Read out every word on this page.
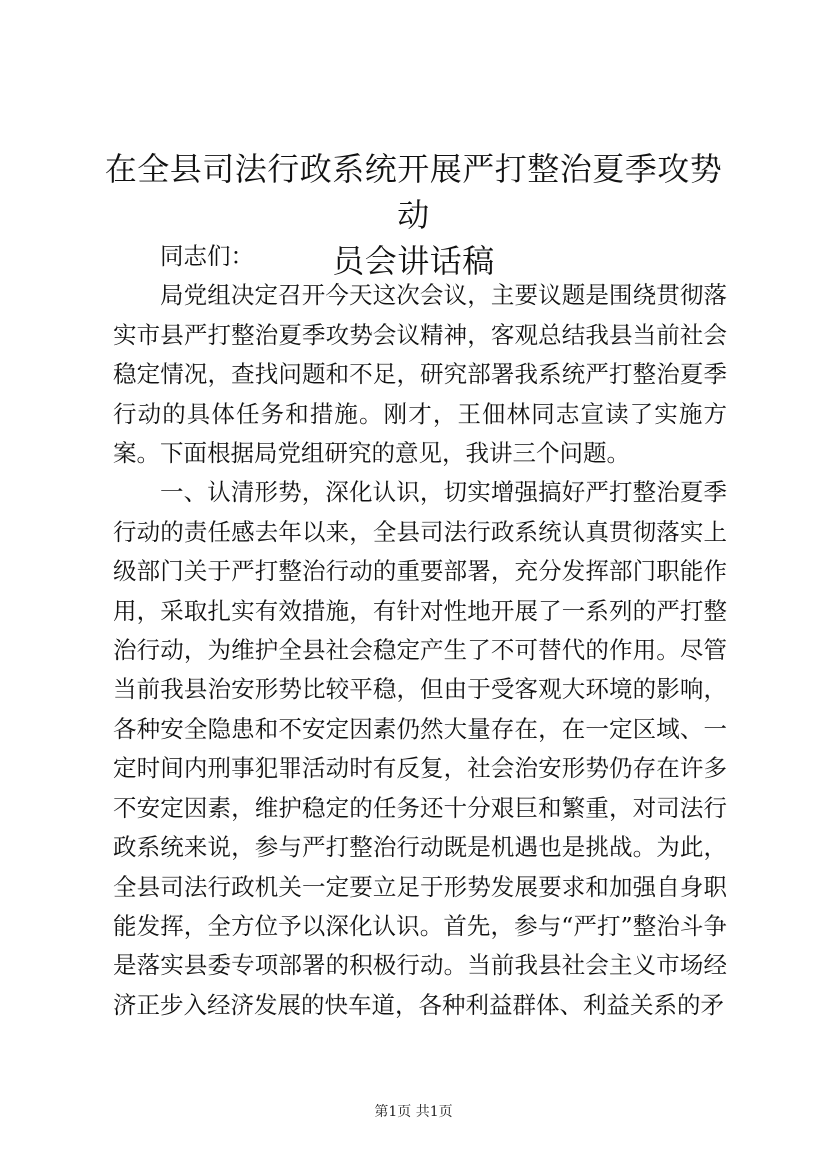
在全县司法行政系统开展严打整治夏季攻势动
员会讲话稿

同志们：

局党组决定召开今天这次会议，主要议题是围绕贯彻落实市县严打整治夏季攻势会议精神，客观总结我县当前社会稳定情况，查找问题和不足，研究部署我系统严打整治夏季行动的具体任务和措施。刚才，王佃林同志宣读了实施方案。下面根据局党组研究的意见，我讲三个问题。

一、认清形势，深化认识，切实增强搞好严打整治夏季行动的责任感去年以来，全县司法行政系统认真贯彻落实上级部门关于严打整治行动的重要部署，充分发挥部门职能作用，采取扎实有效措施，有针对性地开展了一系列的严打整治行动，为维护全县社会稳定产生了不可替代的作用。尽管当前我县治安形势比较平稳，但由于受客观大环境的影响，各种安全隐患和不安定因素仍然大量存在，在一定区域、一定时间内刑事犯罪活动时有反复，社会治安形势仍存在许多不安定因素，维护稳定的任务还十分艰巨和繁重，对司法行政系统来说，参与严打整治行动既是机遇也是挑战。为此，全县司法行政机关一定要立足于形势发展要求和加强自身职能发挥，全方位予以深化认识。首先，参与“严打”整治斗争是落实县委专项部署的积极行动。当前我县社会主义市场经济正步入经济发展的快车道，各种利益群体、利益关系的矛

第1页 共1页
